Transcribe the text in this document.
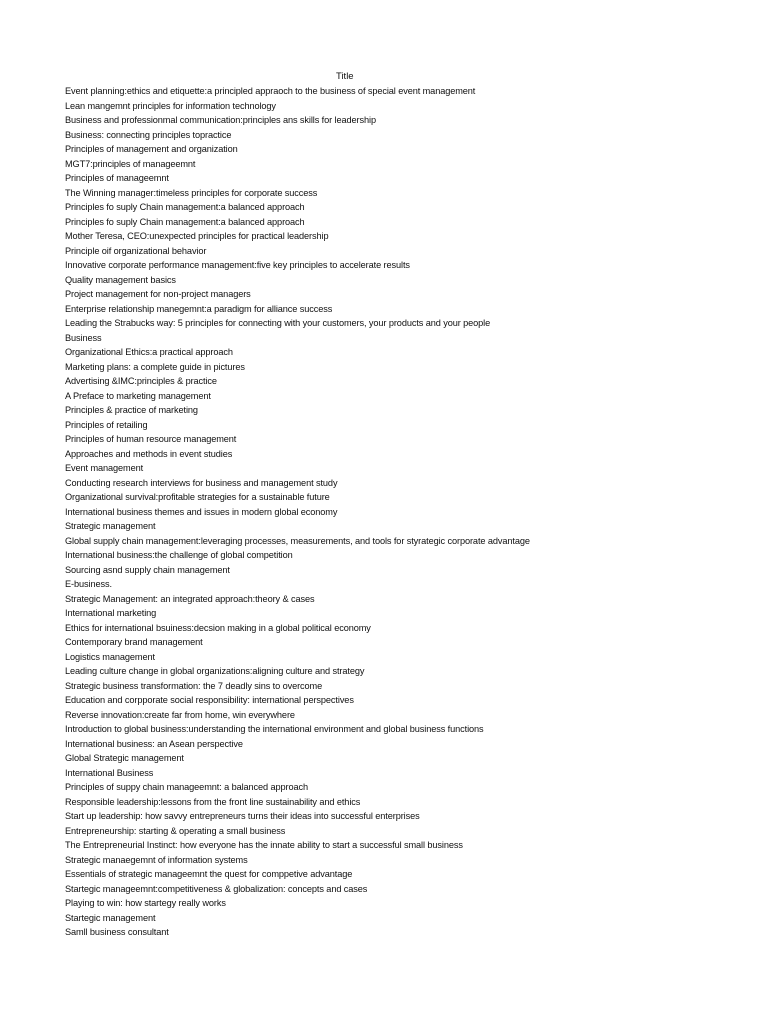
Title
Event planning:ethics and etiquette:a principled appraoch to the business of special event management
Lean mangemnt principles for information technology
Business and professionmal communication:principles ans skills for leadership
Business: connecting principles topractice
Principles of management and organization
MGT7:principles of manageemnt
Principles of manageemnt
The Winning manager:timeless principles for corporate success
Principles fo suply Chain management:a balanced approach
Principles fo suply Chain management:a balanced approach
Mother Teresa, CEO:unexpected principles for practical leadership
Principle oif organizational behavior
Innovative corporate performance management:five key principles to accelerate results
Quality management basics
Project management for non-project managers
Enterprise relationship manegemnt:a paradigm for alliance success
Leading the Strabucks way: 5 principles for connecting with your customers, your products and your people
Business
Organizational Ethics:a practical approach
Marketing plans: a complete guide in pictures
Advertising &IMC:principles & practice
A Preface to marketing management
Principles & practice of marketing
Principles of retailing
Principles of human resource management
Approaches and methods in event studies
Event management
Conducting research interviews for business and management study
Organizational survival:profitable strategies for a sustainable future
International business themes and issues in modern global economy
Strategic management
Global supply chain management:leveraging processes, measurements, and tools for styrategic corporate advantage
International business:the challenge of global competition
Sourcing asnd supply chain management
E-business.
Strategic Management: an integrated approach:theory & cases
International marketing
Ethics for international bsuiness:decsion making in a global political economy
Contemporary brand management
Logistics management
Leading culture change in global organizations:aligning culture and strategy
Strategic business transformation: the 7 deadly sins to overcome
Education and corpporate social responsibility: international perspectives
Reverse innovation:create far from home, win everywhere
Introduction to global business:understanding the international environment and global business functions
International business: an Asean perspective
Global Strategic management
International Business
Principles of suppy chain manageemnt: a balanced approach
Responsible leadership:lessons from the front line sustainability and ethics
Start up leadership: how savvy entrepreneurs turns their ideas into successful enterprises
Entrepreneurship: starting & operating a small business
The Entrepreneurial Instinct: how everyone has the innate ability to start a successful small business
Strategic manaegemnt of information systems
Essentials of strategic manageemnt the quest for comppetive advantage
Startegic manageemnt:competitiveness & globalization: concepts and cases
Playing to win: how startegy really works
Startegic management
Samll business consultant
